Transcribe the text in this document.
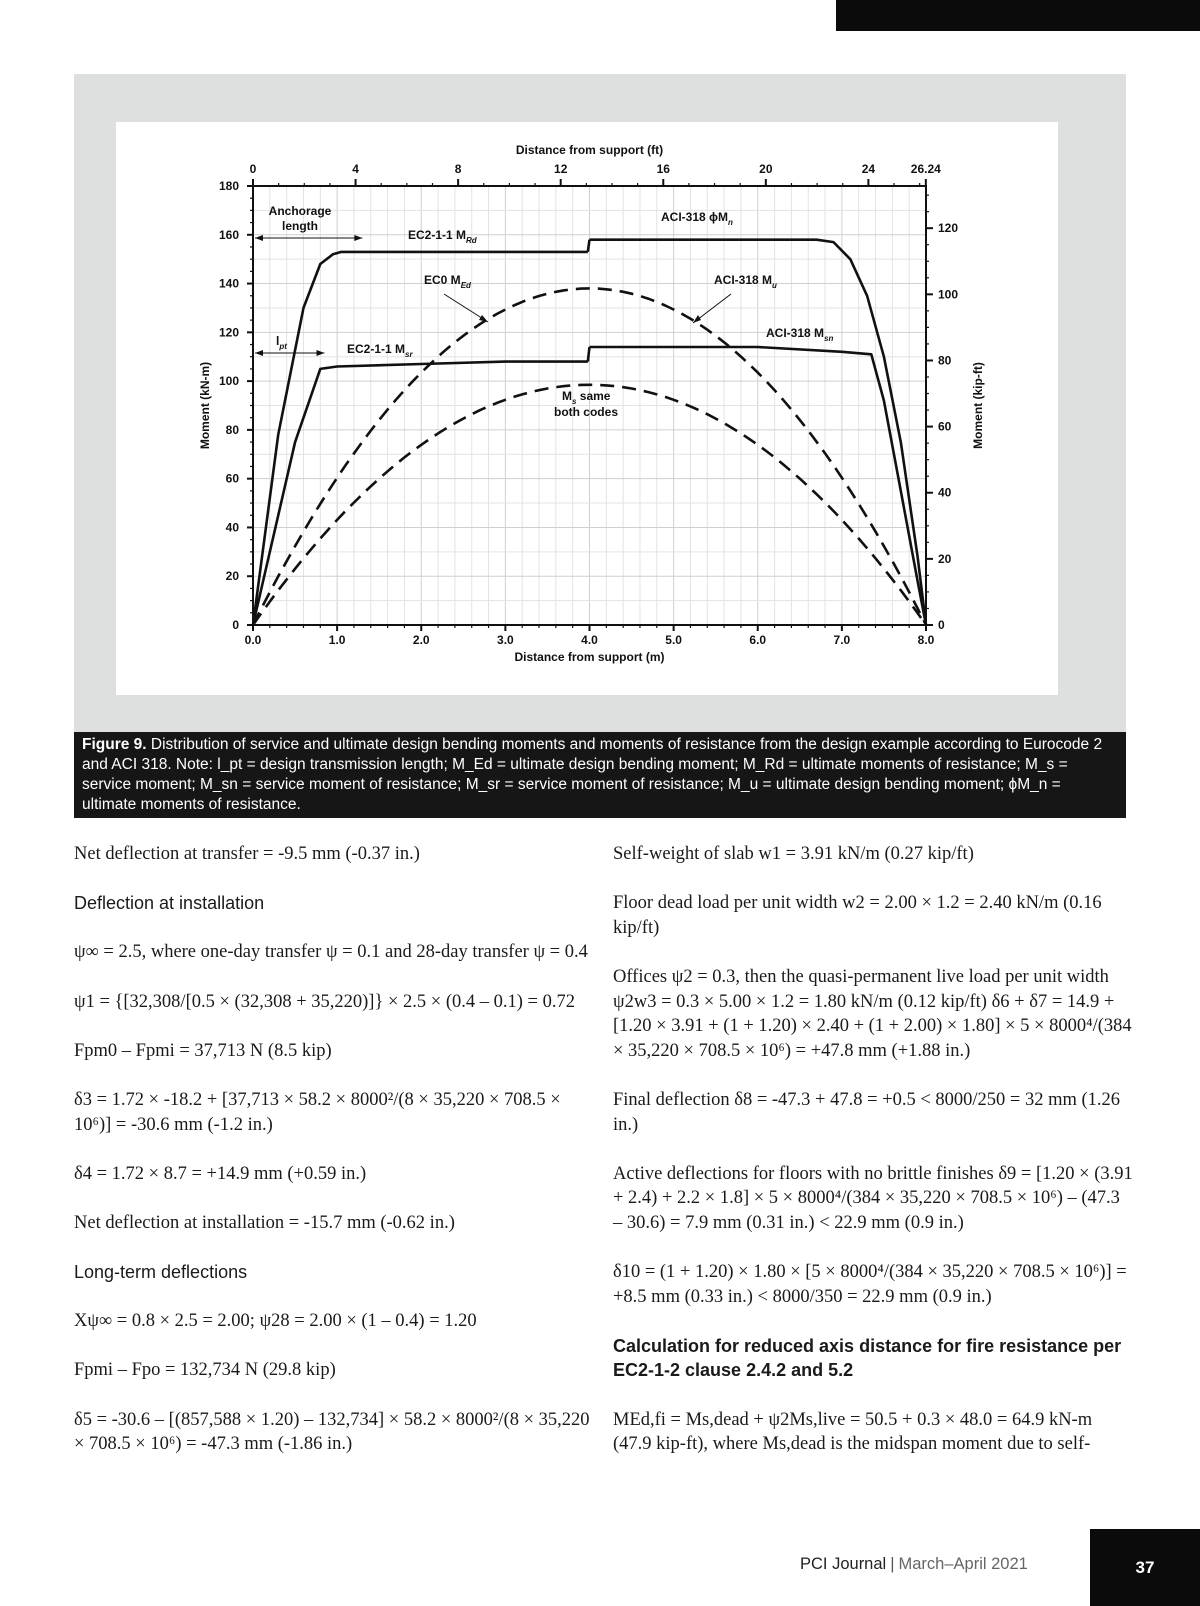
0.0	1.0	2.0	3.0	4.0	5.0	6.0	7.0	8.0
Distance from support (m)
0	4	8	12	16	20	24	26.24
Distance from support (ft)
0
20
40
60
80
100
120
140
160
180
Moment (kN-m)
0
20
40
60
80
100
120
Moment (kip-ft)
Anchorage
length
$l_{pt}$
EC2-1-1 $M_{Rd}$
ACI-318 $\phi M_n$
EC0 $M_{Ed}$	ACI-318 $M_u$
EC2-1-1 $M_{sr}$
ACI-318 $M_{sn}$
$M_s$ same
both codes
Figure 9. Distribution of service and ultimate design bending moments and moments of resistance from the design example according to Eurocode 2 and ACI 318. Note: l_pt = design transmission length; M_Ed = ultimate design bending moment; M_Rd = ultimate moments of resistance; M_s = service moment; M_sn = service moment of resistance; M_sr = service moment of resistance; M_u = ultimate design bending moment; ϕM_n = ultimate moments of resistance.
Net deflection at transfer = -9.5 mm (-0.37 in.)
Deflection at installation
ψ∞ = 2.5, where one-day transfer ψ = 0.1 and 28-day transfer ψ = 0.4
ψ1 = {[32,308/[0.5 × (32,308 + 35,220)]} × 2.5 × (0.4 – 0.1) = 0.72
Fpm0 – Fpmi = 37,713 N (8.5 kip)
δ3 = 1.72 × -18.2 + [37,713 × 58.2 × 8000²/(8 × 35,220 × 708.5 × 10⁶)] = -30.6 mm (-1.2 in.)
δ4 = 1.72 × 8.7 = +14.9 mm (+0.59 in.)
Net deflection at installation = -15.7 mm (-0.62 in.)
Long-term deflections
Xψ∞ = 0.8 × 2.5 = 2.00; ψ28 = 2.00 × (1 – 0.4) = 1.20
Fpmi – Fpo = 132,734 N (29.8 kip)
δ5 = -30.6 – [(857,588 × 1.20) – 132,734] × 58.2 × 8000²/(8 × 35,220 × 708.5 × 10⁶) = -47.3 mm (-1.86 in.)
Self-weight of slab w1 = 3.91 kN/m (0.27 kip/ft)
Floor dead load per unit width w2 = 2.00 × 1.2 = 2.40 kN/m (0.16 kip/ft)
Offices ψ2 = 0.3, then the quasi-permanent live load per unit width ψ2w3 = 0.3 × 5.00 × 1.2 = 1.80 kN/m (0.12 kip/ft) δ6 + δ7 = 14.9 + [1.20 × 3.91 + (1 + 1.20) × 2.40 + (1 + 2.00) × 1.80] × 5 × 8000⁴/(384 × 35,220 × 708.5 × 10⁶) = +47.8 mm (+1.88 in.)
Final deflection δ8 = -47.3 + 47.8 = +0.5 < 8000/250 = 32 mm (1.26 in.)
Active deflections for floors with no brittle finishes δ9 = [1.20 × (3.91 + 2.4) + 2.2 × 1.8] × 5 × 8000⁴/(384 × 35,220 × 708.5 × 10⁶) – (47.3 – 30.6) = 7.9 mm (0.31 in.) < 22.9 mm (0.9 in.)
δ10 = (1 + 1.20) × 1.80 × [5 × 8000⁴/(384 × 35,220 × 708.5 × 10⁶)] = +8.5 mm (0.33 in.) < 8000/350 = 22.9 mm (0.9 in.)
Calculation for reduced axis distance for fire resistance per EC2-1-2 clause 2.4.2 and 5.2
MEd,fi = Ms,dead + ψ2Ms,live = 50.5 + 0.3 × 48.0 = 64.9 kN-m (47.9 kip-ft), where Ms,dead is the midspan moment due to self-
PCI Journal | March–April 2021	37
